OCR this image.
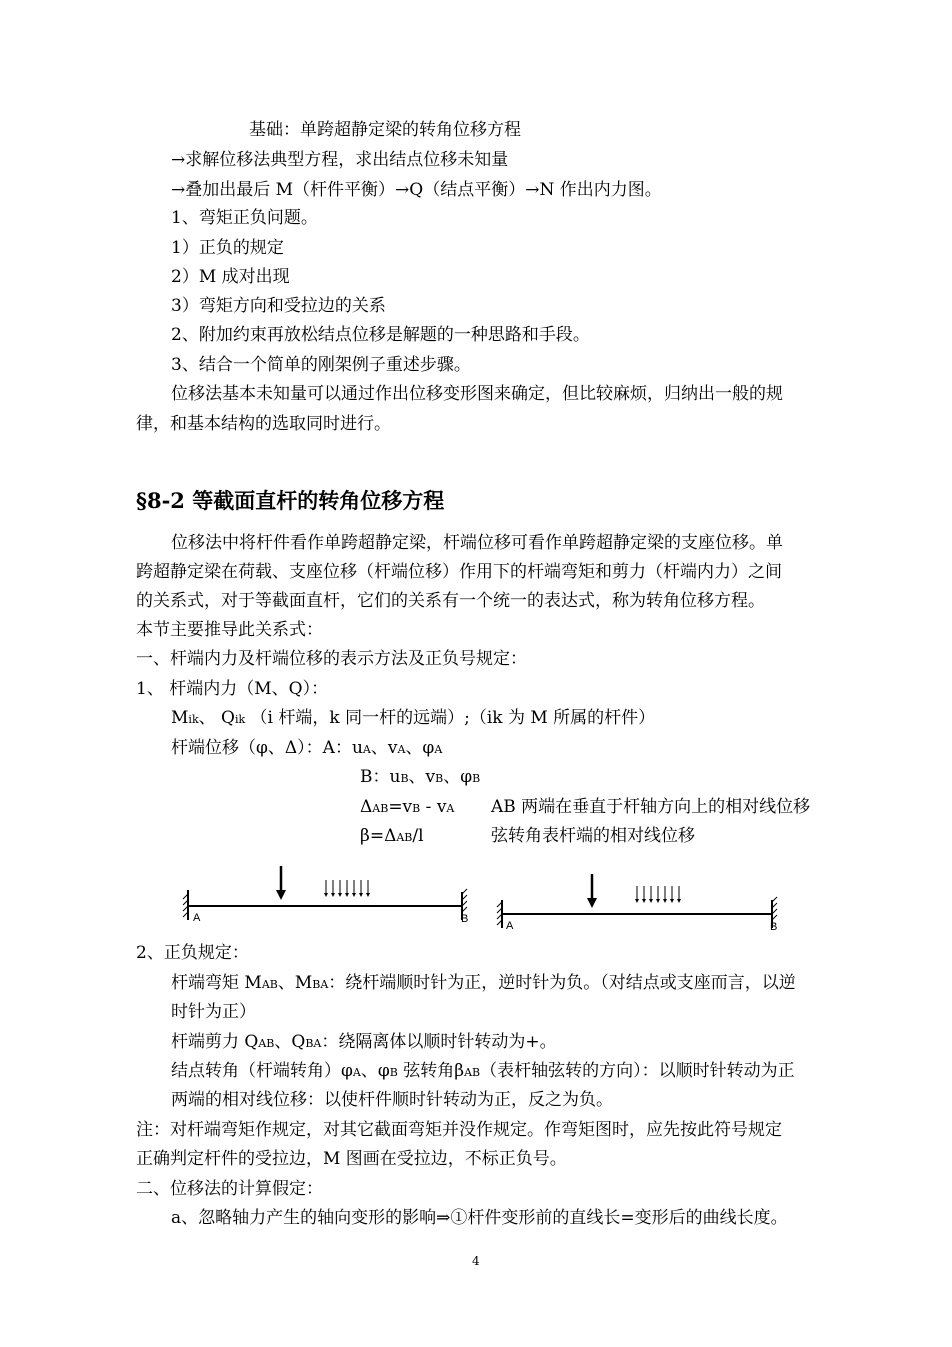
基础：单跨超静定梁的转角位移方程
→求解位移法典型方程，求出结点位移未知量
→叠加出最后 M（杆件平衡）→Q（结点平衡）→N 作出内力图。
1、弯矩正负问题。
1）正负的规定
2）M 成对出现
3）弯矩方向和受拉边的关系
2、附加约束再放松结点位移是解题的一种思路和手段。
3、结合一个简单的刚架例子重述步骤。
位移法基本未知量可以通过作出位移变形图来确定，但比较麻烦，归纳出一般的规
律，和基本结构的选取同时进行。
§8-2 等截面直杆的转角位移方程
位移法中将杆件看作单跨超静定梁，杆端位移可看作单跨超静定梁的支座位移。单
跨超静定梁在荷载、支座位移（杆端位移）作用下的杆端弯矩和剪力（杆端内力）之间
的关系式，对于等截面直杆，它们的关系有一个统一的表达式，称为转角位移方程。
本节主要推导此关系式：
一、杆端内力及杆端位移的表示方法及正负号规定：
1、 杆端内力（M、Q）：
Mik、 Qik （i 杆端，k 同一杆的远端）;（ik 为 M 所属的杆件）
杆端位移（φ、Δ）：A：uA、vA、φA
B：uB、vB、φB
ΔAB=vB - vA AB 两端在垂直于杆轴方向上的相对线位移
β=ΔAB/l	弦转角表杆端的相对线位移
A	B
A	B
2、正负规定：
杆端弯矩 MAB、MBA：绕杆端顺时针为正，逆时针为负。（对结点或支座而言，以逆
时针为正）
杆端剪力 QAB、QBA：绕隔离体以顺时针转动为+。
结点转角（杆端转角）φA、φB 弦转角βAB（表杆轴弦转的方向）：以顺时针转动为正
两端的相对线位移：以使杆件顺时针转动为正，反之为负。
注：对杆端弯矩作规定，对其它截面弯矩并没作规定。作弯矩图时，应先按此符号规定
正确判定杆件的受拉边，M 图画在受拉边，不标正负号。
二、位移法的计算假定：
a、忽略轴力产生的轴向变形的影响⇒①杆件变形前的直线长=变形后的曲线长度。
4
